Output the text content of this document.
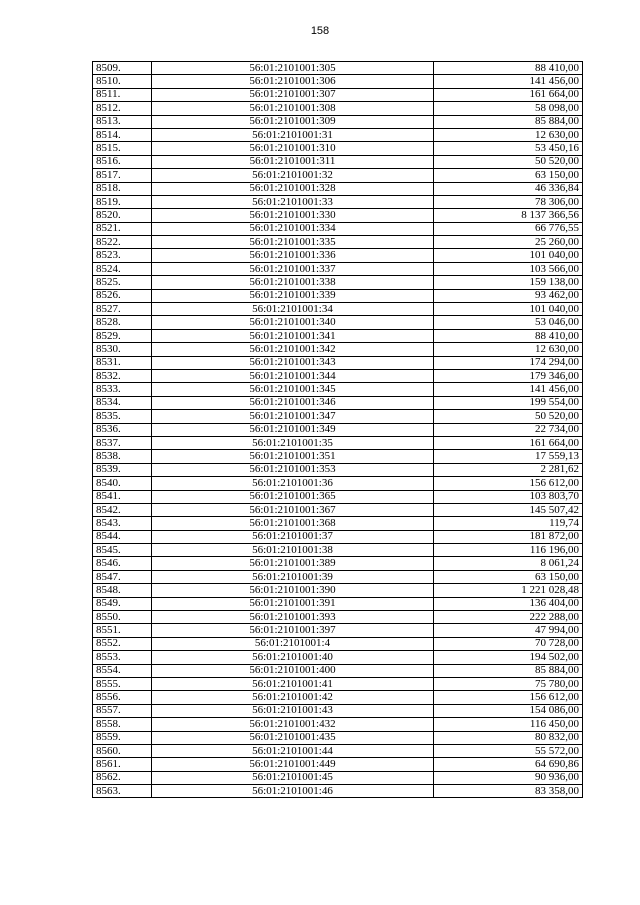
158
8509.	56:01:2101001:305	88 410,00
8510.	56:01:2101001:306	141 456,00
8511.	56:01:2101001:307	161 664,00
8512.	56:01:2101001:308	58 098,00
8513.	56:01:2101001:309	85 884,00
8514.	56:01:2101001:31	12 630,00
8515.	56:01:2101001:310	53 450,16
8516.	56:01:2101001:311	50 520,00
8517.	56:01:2101001:32	63 150,00
8518.	56:01:2101001:328	46 336,84
8519.	56:01:2101001:33	78 306,00
8520.	56:01:2101001:330	8 137 366,56
8521.	56:01:2101001:334	66 776,55
8522.	56:01:2101001:335	25 260,00
8523.	56:01:2101001:336	101 040,00
8524.	56:01:2101001:337	103 566,00
8525.	56:01:2101001:338	159 138,00
8526.	56:01:2101001:339	93 462,00
8527.	56:01:2101001:34	101 040,00
8528.	56:01:2101001:340	53 046,00
8529.	56:01:2101001:341	88 410,00
8530.	56:01:2101001:342	12 630,00
8531.	56:01:2101001:343	174 294,00
8532.	56:01:2101001:344	179 346,00
8533.	56:01:2101001:345	141 456,00
8534.	56:01:2101001:346	199 554,00
8535.	56:01:2101001:347	50 520,00
8536.	56:01:2101001:349	22 734,00
8537.	56:01:2101001:35	161 664,00
8538.	56:01:2101001:351	17 559,13
8539.	56:01:2101001:353	2 281,62
8540.	56:01:2101001:36	156 612,00
8541.	56:01:2101001:365	103 803,70
8542.	56:01:2101001:367	145 507,42
8543.	56:01:2101001:368	119,74
8544.	56:01:2101001:37	181 872,00
8545.	56:01:2101001:38	116 196,00
8546.	56:01:2101001:389	8 061,24
8547.	56:01:2101001:39	63 150,00
8548.	56:01:2101001:390	1 221 028,48
8549.	56:01:2101001:391	136 404,00
8550.	56:01:2101001:393	222 288,00
8551.	56:01:2101001:397	47 994,00
8552.	56:01:2101001:4	70 728,00
8553.	56:01:2101001:40	194 502,00
8554.	56:01:2101001:400	85 884,00
8555.	56:01:2101001:41	75 780,00
8556.	56:01:2101001:42	156 612,00
8557.	56:01:2101001:43	154 086,00
8558.	56:01:2101001:432	116 450,00
8559.	56:01:2101001:435	80 832,00
8560.	56:01:2101001:44	55 572,00
8561.	56:01:2101001:449	64 690,86
8562.	56:01:2101001:45	90 936,00
8563.	56:01:2101001:46	83 358,00
